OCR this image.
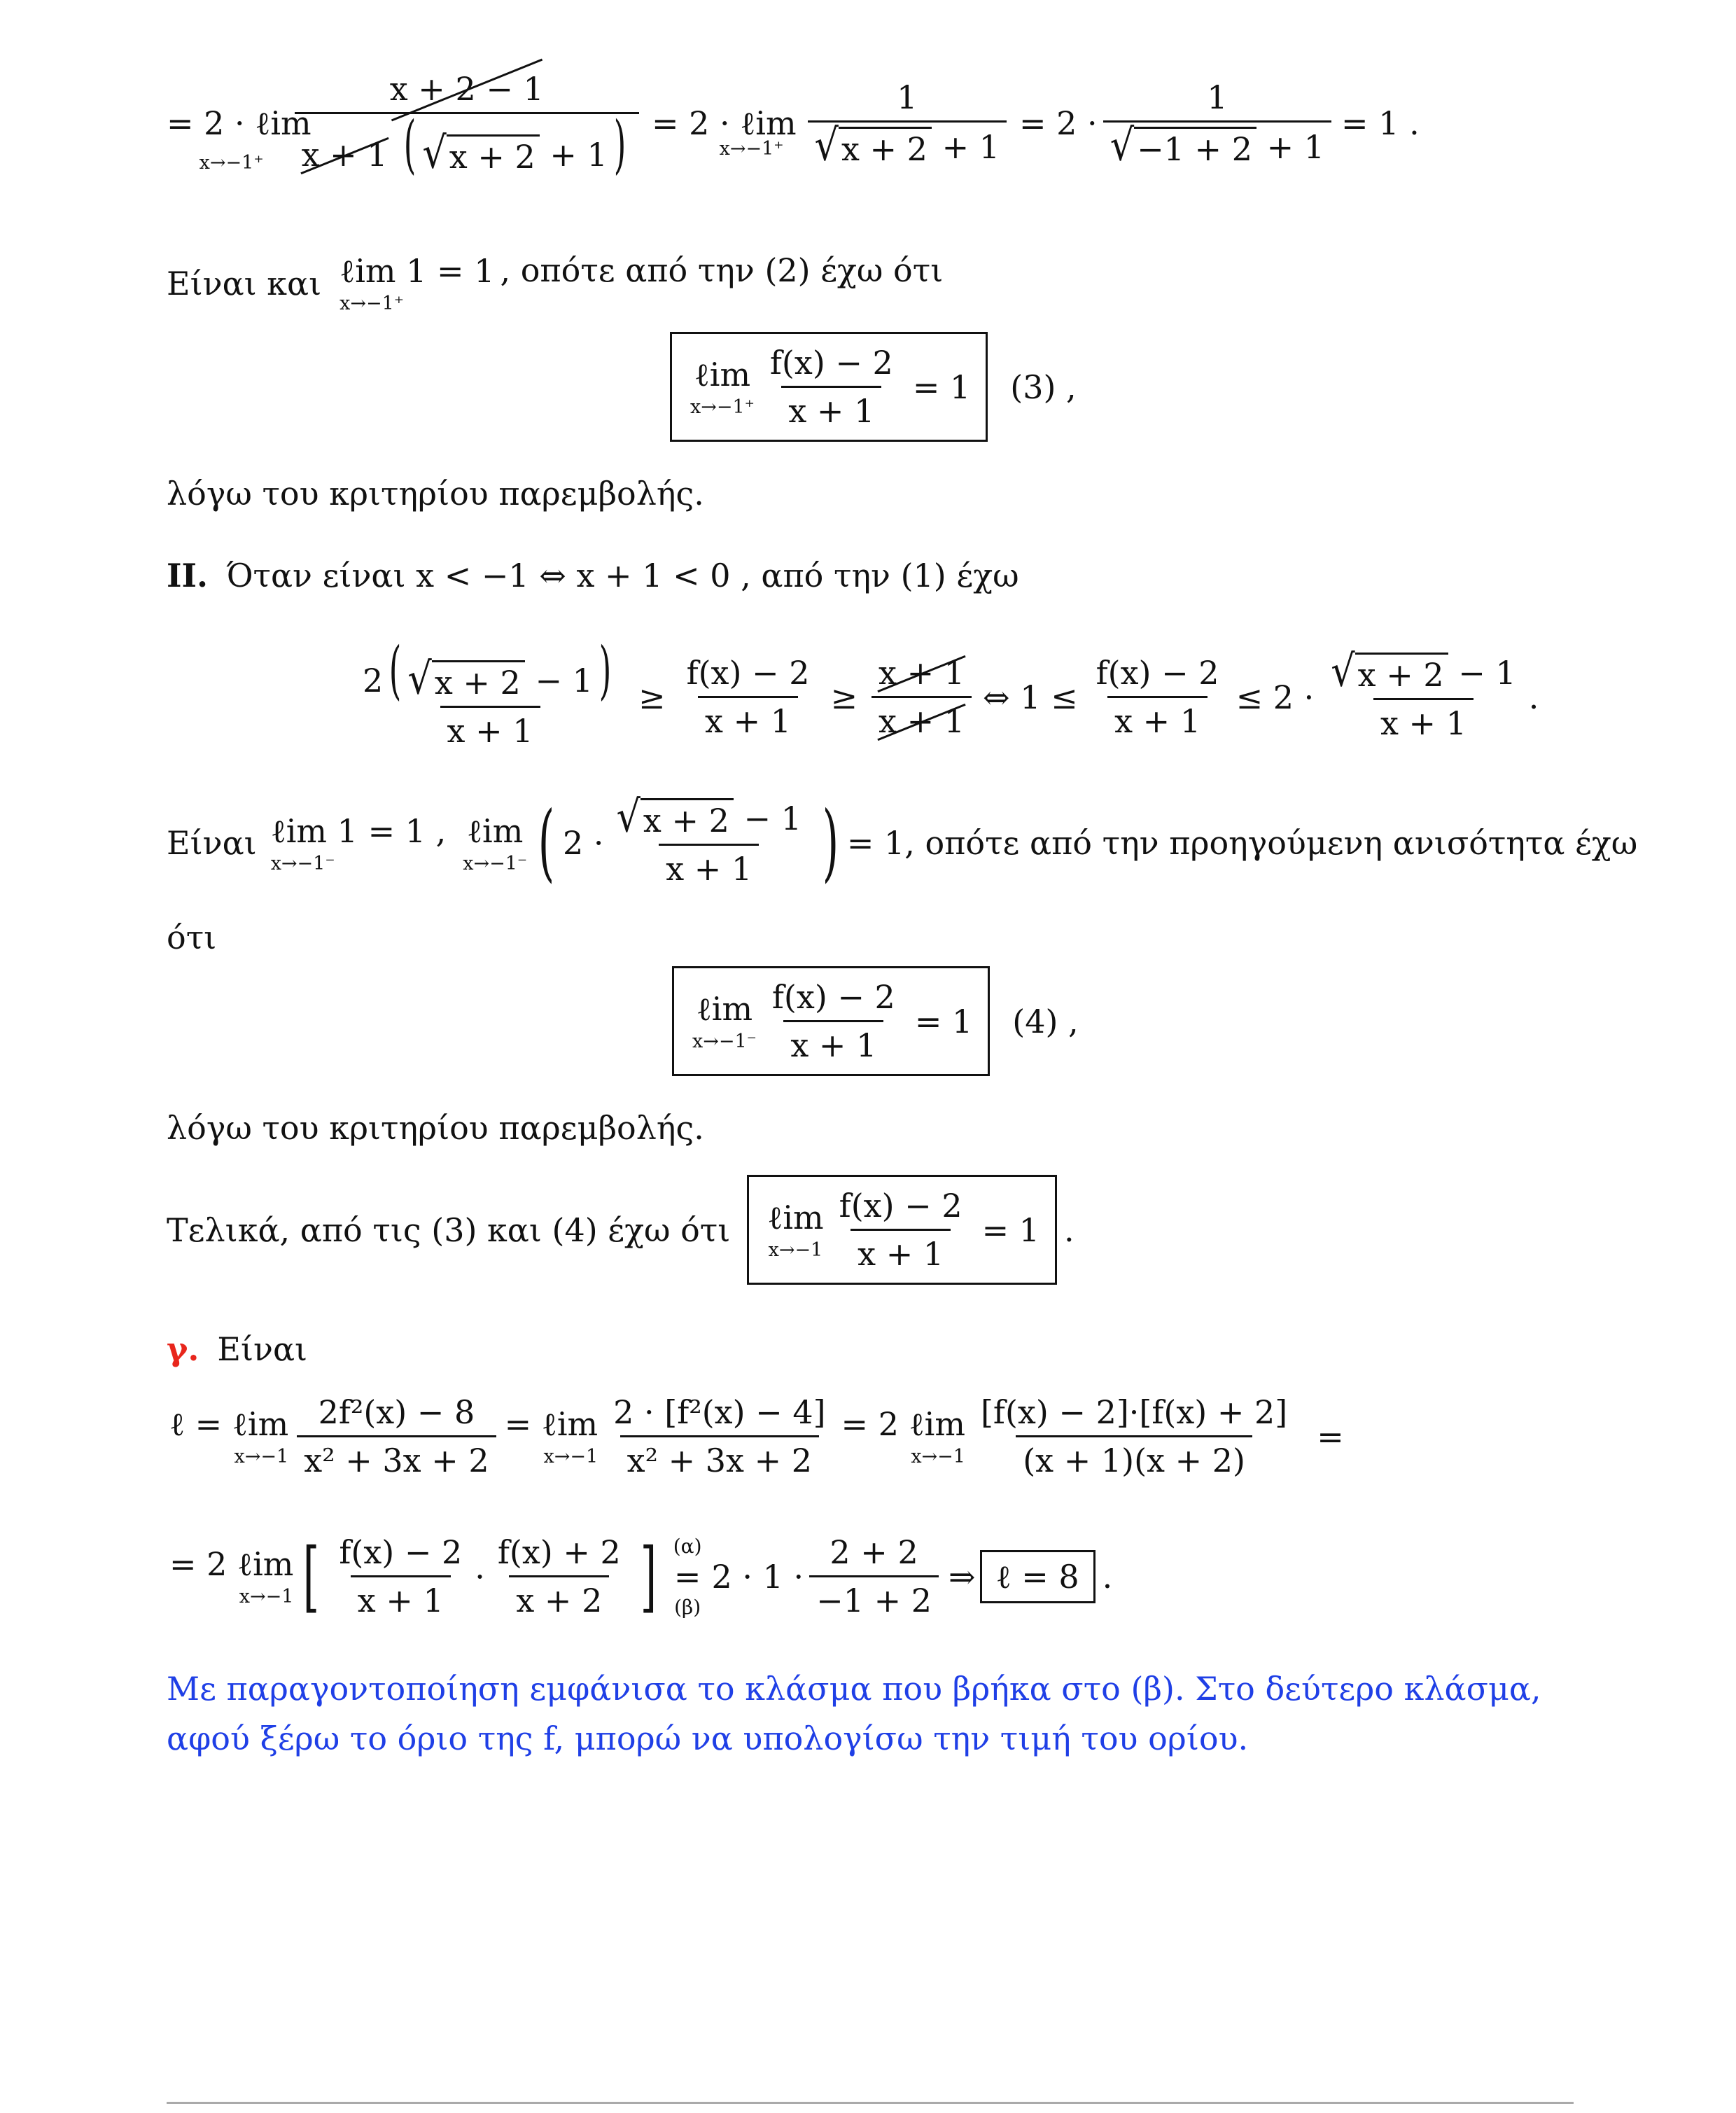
= 2 · ℓim
$x\to-1^+ \frac{x + 2 - 1}{x + 1 ( √ x + 2 + 1)} = 2$ · ℓim
$x\to-1^+ \frac{1}{√ x + 2 + 1} = 2 \cdot \frac{1}{√ -1 + 2 + 1} = 1$ .
Είναι και ℓim 1 = 1
x→−1⁺
, οπότε από την (2) έχω ότι
ℓim
$x\to-1^+ \frac{f(x) - 2}{x + 1} = 1$ (3) ,
λόγω του κριτηρίου παρεμβολής.
II. Όταν είναι x < −1 ⇔ x + 1 < 0 , από την (1) έχω
$\frac{2( √ x + 2 - 1)}{x + 1} \ge \frac{f(x) - 2}{x + 1} \ge \frac{x + 1}{x + 1}$ ⇔ $1 \le \frac{f(x) - 2}{x + 1} \le 2 \cdot \frac{√ x + 2 - 1}{x + 1}$ .
Είναι ℓim 1 = 1 ,
x→−1⁻
ℓim
x→−1⁻ ( $2 \cdot \frac{√ x + 2 - 1}{x + 1}$ ) = 1, οπότε από την προηγούμενη ανισότητα έχω
ότι
ℓim
$x\to-1^- \frac{f(x) - 2}{x + 1} = 1$ (4) ,
λόγω του κριτηρίου παρεμβολής.
Τελικά, από τις (3) και (4) έχω ότι ℓim
$x\to-1 \frac{f(x) - 2}{x + 1} = 1$ .
γ. Είναι
ℓ = ℓim
$x\to-1 \frac{\text{2f²(x) − 8}}{\text{x² + 3x + 2}}$ = ℓim
$x\to-1 \frac{\text{2 · [f²(x) − 4]}}{\text{x² + 3x + 2}} = 2$ ℓim
$x\to-1 \frac{[f(x) - 2]\cdot[f(x) + 2]}{(x + 1)(x + 2)}$ =
= 2 ℓim
x→−1 [ $\frac{f(x) - 2}{x + 1} \cdot \frac{f(x) + 2}{x + 2}$ ] (α)
=
(β)
$2 \cdot 1 \cdot \frac{2 + 2}{-1 + 2}$ ⇒ ℓ = 8 .
Με παραγοντοποίηση εμφάνισα το κλάσμα που βρήκα στο (β). Στο δεύτερο κλάσμα,
αφού ξέρω το όριο της f, μπορώ να υπολογίσω την τιμή του ορίου.
